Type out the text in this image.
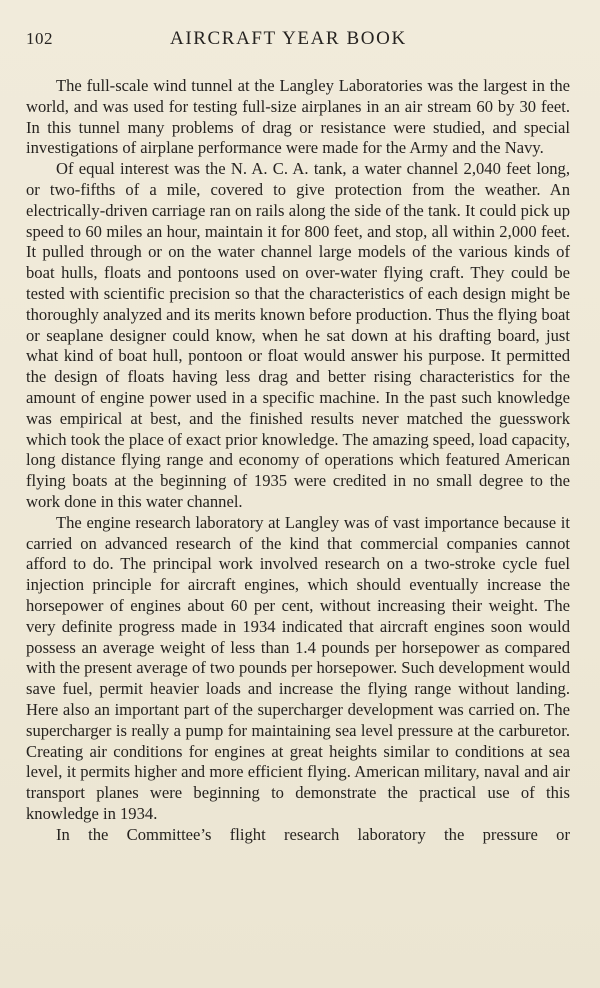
102	AIRCRAFT YEAR BOOK

The full-scale wind tunnel at the Langley Laboratories was the largest in the world, and was used for testing full-size airplanes in an air stream 60 by 30 feet. In this tunnel many problems of drag or resistance were studied, and special investigations of airplane performance were made for the Army and the Navy.

Of equal interest was the N. A. C. A. tank, a water channel 2,040 feet long, or two-fifths of a mile, covered to give protection from the weather. An electrically-driven carriage ran on rails along the side of the tank. It could pick up speed to 60 miles an hour, maintain it for 800 feet, and stop, all within 2,000 feet. It pulled through or on the water channel large models of the various kinds of boat hulls, floats and pontoons used on over-water flying craft. They could be tested with scientific precision so that the characteristics of each design might be thoroughly analyzed and its merits known before production. Thus the flying boat or seaplane designer could know, when he sat down at his drafting board, just what kind of boat hull, pontoon or float would answer his purpose. It permitted the design of floats having less drag and better rising characteristics for the amount of engine power used in a specific machine. In the past such knowledge was empirical at best, and the finished results never matched the guesswork which took the place of exact prior knowledge. The amazing speed, load capacity, long distance flying range and economy of operations which featured American flying boats at the beginning of 1935 were credited in no small degree to the work done in this water channel.

The engine research laboratory at Langley was of vast importance because it carried on advanced research of the kind that commercial companies cannot afford to do. The principal work involved research on a two-stroke cycle fuel injection principle for aircraft engines, which should eventually increase the horsepower of engines about 60 per cent, without increasing their weight. The very definite progress made in 1934 indicated that aircraft engines soon would possess an average weight of less than 1.4 pounds per horsepower as compared with the present average of two pounds per horsepower. Such development would save fuel, permit heavier loads and increase the flying range without landing. Here also an important part of the supercharger development was carried on. The supercharger is really a pump for maintaining sea level pressure at the carburetor. Creating air conditions for engines at great heights similar to conditions at sea level, it permits higher and more efficient flying. American military, naval and air transport planes were beginning to demonstrate the practical use of this knowledge in 1934.

In the Committee’s flight research laboratory the pressure or
